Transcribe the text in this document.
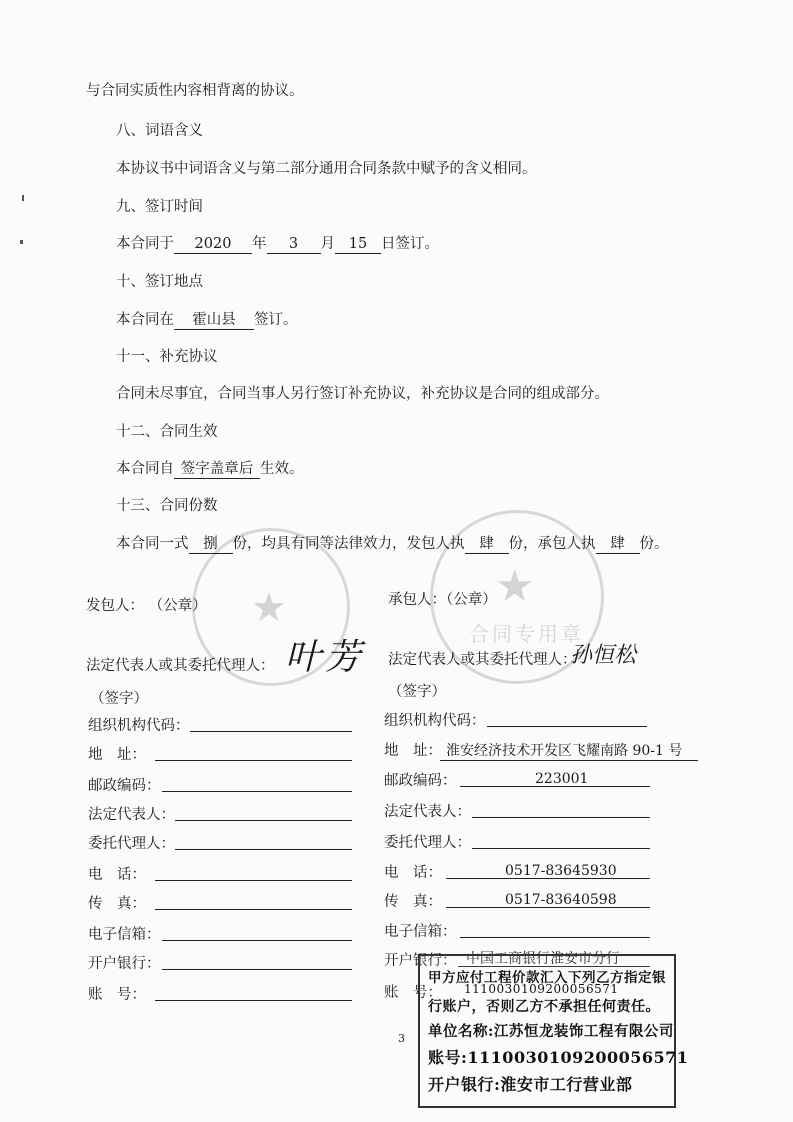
★	★
合同专用章
与合同实质性内容相背离的协议。
八、词语含义
本协议书中词语含义与第二部分通用合同条款中赋予的含义相同。
九、签订时间
本合同于 2020 年 3 月 15 日签订。
十、签订地点
本合同在 霍山县 签订。
十一、补充协议
合同未尽事宜，合同当事人另行签订补充协议，补充协议是合同的组成部分。
十二、合同生效
本合同自 签字盖章后 生效。
十三、合同份数
本合同一式 捌 份，均具有同等法律效力，发包人执 肆 份，承包人执 肆 份。
发包人： （公章）	承包人：（公章）
法定代表人或其委托代理人： 叶芳
（签字）
法定代表人或其委托代理人：
孙恒松
（签字）
组织机构代码：
地　址：
邮政编码：
法定代表人：
委托代理人：
电　话：
传　真：
电子信箱：
开户银行：
账　号：
组织机构代码：
地　址： 淮安经济技术开发区飞耀南路 90-1 号
邮政编码：	223001
法定代表人：
委托代理人：
电　话：	0517-83645930
传　真：	0517-83640598
电子信箱：
开户银行： 中国工商银行淮安市分行
账　号：
甲方应付工程价款汇入下列乙方指定银
1110030109200056571
行账户，否则乙方不承担任何责任。
单位名称:江苏恒龙装饰工程有限公司
账号:1110030109200056571
开户银行:淮安市工行营业部
3
